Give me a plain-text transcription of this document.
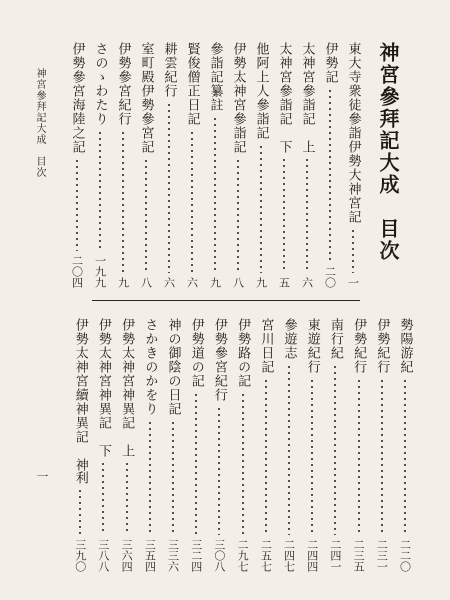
神宮參拜記大成　目次
東大寺衆徒參詣伊勢大神宮記
一
伊勢記
二〇
太神宮參詣記
上
六
太神宮參詣記
下
五
他阿上人參詣記
九
伊勢太神宮參詣記
八
參詣記纂註
九
賢俊僧正日記
六
耕雲紀行
六
室町殿伊勢參宮記
八
伊勢參宮紀行
九
さのゝわたり
一九九
伊勢參宮海陸之記
二〇四
勢陽游紀
二二〇
伊勢紀行
二三一
伊勢紀行
二三五
南行紀
二四一
東遊紀行
二四四
參遊志
二四七
宮川日記
二五七
伊勢路の記
二九七
伊勢參宮紀行
三〇八
伊勢道の記
三二四
神の御陰の日記
三三六
さかきのかをり
三五四
伊勢太神宮神異記
上
三六四
伊勢太神宮神異記
下
三八八
伊勢太神宮續神異記
神利
三九〇
神宮參拜記大成　目次
一
